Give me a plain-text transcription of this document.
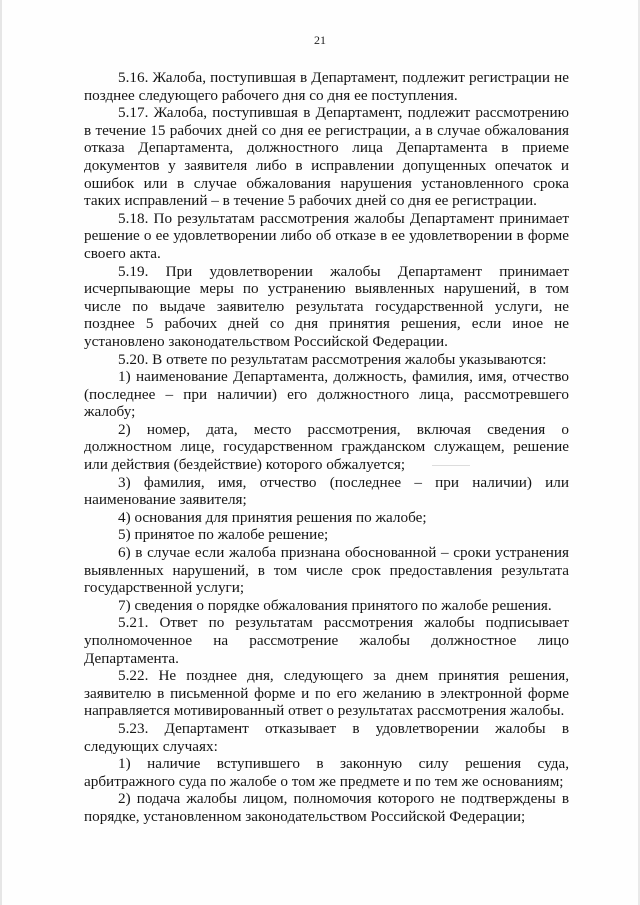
21

5.16. Жалоба, поступившая в Департамент, подлежит регистрации не позднее следующего рабочего дня со дня ее поступления.

5.17. Жалоба, поступившая в Департамент, подлежит рассмотрению в течение 15 рабочих дней со дня ее регистрации, а в случае обжалования отказа Департамента, должностного лица Департамента в приеме документов у заявителя либо в исправлении допущенных опечаток и ошибок или в случае обжалования нарушения установленного срока таких исправлений – в течение 5 рабочих дней со дня ее регистрации.

5.18. По результатам рассмотрения жалобы Департамент принимает решение о ее удовлетворении либо об отказе в ее удовлетворении в форме своего акта.

5.19. При удовлетворении жалобы Департамент принимает исчерпывающие меры по устранению выявленных нарушений, в том числе по выдаче заявителю результата государственной услуги, не позднее 5 рабочих дней со дня принятия решения, если иное не установлено законодательством Российской Федерации.

5.20. В ответе по результатам рассмотрения жалобы указываются:

1) наименование Департамента, должность, фамилия, имя, отчество (последнее – при наличии) его должностного лица, рассмотревшего жалобу;

2) номер, дата, место рассмотрения, включая сведения о должностном лице, государственном гражданском служащем, решение или действия (бездействие) которого обжалуется;

3) фамилия, имя, отчество (последнее – при наличии) или наименование заявителя;

4) основания для принятия решения по жалобе;

5) принятое по жалобе решение;

6) в случае если жалоба признана обоснованной – сроки устранения выявленных нарушений, в том числе срок предоставления результата государственной услуги;

7) сведения о порядке обжалования принятого по жалобе решения.

5.21. Ответ по результатам рассмотрения жалобы подписывает уполномоченное на рассмотрение жалобы должностное лицо Департамента.

5.22. Не позднее дня, следующего за днем принятия решения, заявителю в письменной форме и по его желанию в электронной форме направляется мотивированный ответ о результатах рассмотрения жалобы.

5.23. Департамент отказывает в удовлетворении жалобы в следующих случаях:

1) наличие вступившего в законную силу решения суда, арбитражного суда по жалобе о том же предмете и по тем же основаниям;

2) подача жалобы лицом, полномочия которого не подтверждены в порядке, установленном законодательством Российской Федерации;
